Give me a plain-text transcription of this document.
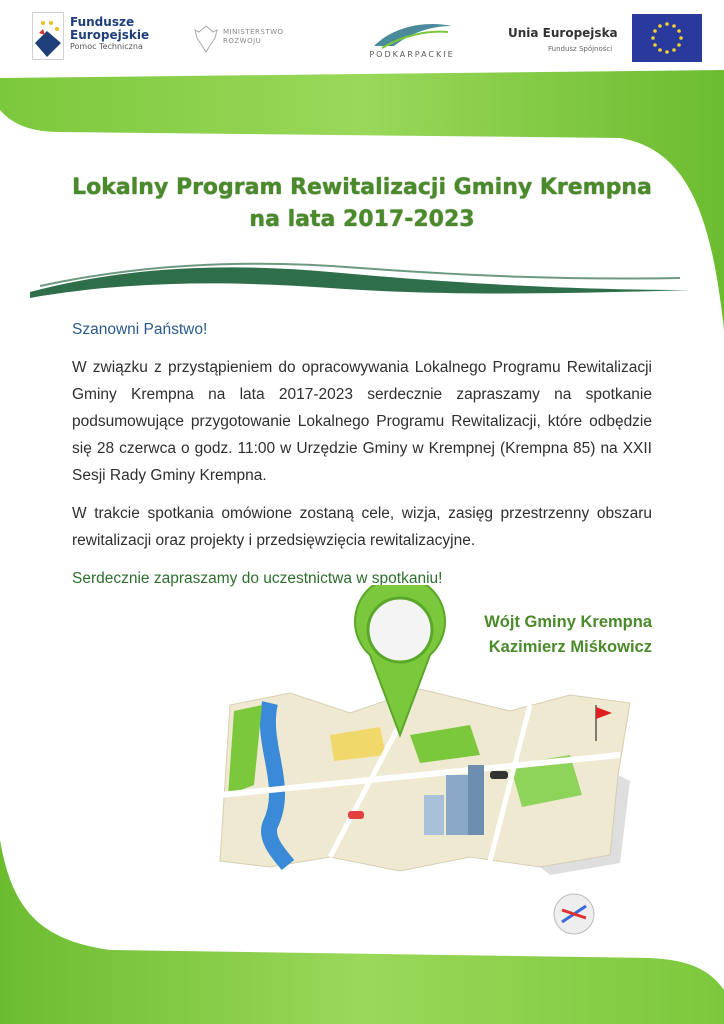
Fundusze
Europejskie
Pomoc Techniczna
MINISTERSTWO ROZWOJU
PODKARPACKIE
Unia Europejska
Fundusz Spójności
Lokalny Program Rewitalizacji Gminy Krempna
na lata 2017-2023

Szanowni Państwo!

W związku z przystąpieniem do opracowywania Lokalnego Programu Rewitalizacji Gminy Krempna na lata 2017-2023 serdecznie zapraszamy na spotkanie podsumowujące przygotowanie Lokalnego Programu Rewitalizacji, które odbędzie się 28 czerwca o godz. 11:00 w Urzędzie Gminy w Krempnej (Krempna 85) na XXII Sesji Rady Gminy Krempna.

W trakcie spotkania omówione zostaną cele, wizja, zasięg przestrzenny obszaru rewitalizacji oraz projekty i przedsięwzięcia rewitalizacyjne.

Serdecznie zapraszamy do uczestnictwa w spotkaniu!

Wójt Gminy Krempna
Kazimierz Miśkowicz
